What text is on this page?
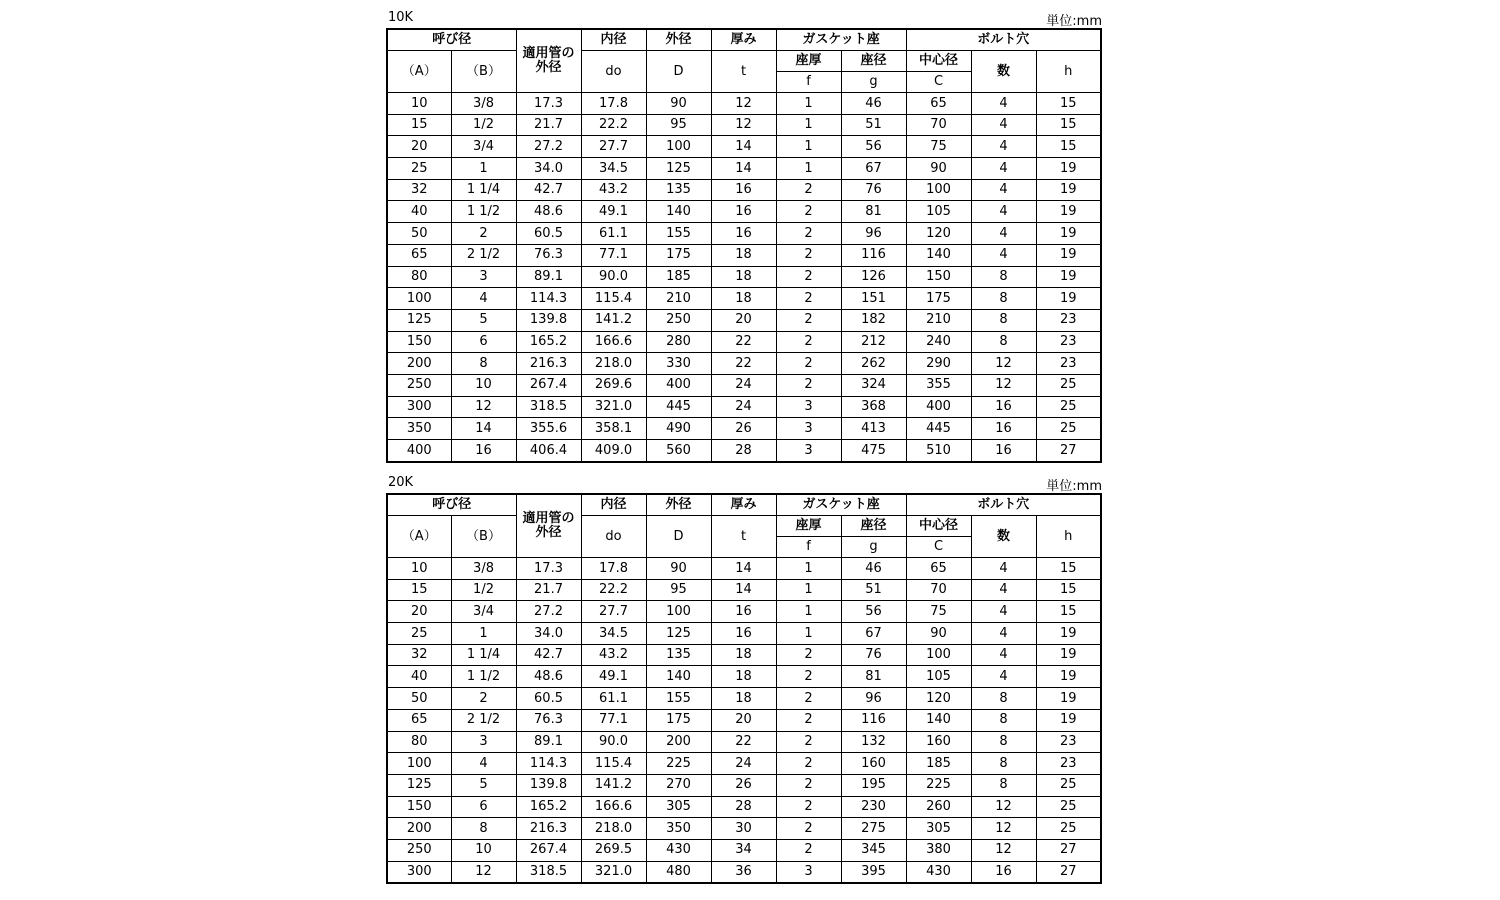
10K	単位:mm
呼び径		適用管の外径	内径	外径	厚み	ガスケット座		ボルト穴		
（A）	（B）		do	D	t	座厚	座径	中心径	数	h
						f	g	C		
10	3/8	17.3	17.8	90	12	1	46	65	4	15
15	1/2	21.7	22.2	95	12	1	51	70	4	15
20	3/4	27.2	27.7	100	14	1	56	75	4	15
25	1	34.0	34.5	125	14	1	67	90	4	19
32	1 1/4	42.7	43.2	135	16	2	76	100	4	19
40	1 1/2	48.6	49.1	140	16	2	81	105	4	19
50	2	60.5	61.1	155	16	2	96	120	4	19
65	2 1/2	76.3	77.1	175	18	2	116	140	4	19
80	3	89.1	90.0	185	18	2	126	150	8	19
100	4	114.3	115.4	210	18	2	151	175	8	19
125	5	139.8	141.2	250	20	2	182	210	8	23
150	6	165.2	166.6	280	22	2	212	240	8	23
200	8	216.3	218.0	330	22	2	262	290	12	23
250	10	267.4	269.6	400	24	2	324	355	12	25
300	12	318.5	321.0	445	24	3	368	400	16	25
350	14	355.6	358.1	490	26	3	413	445	16	25
400	16	406.4	409.0	560	28	3	475	510	16	27
20K	単位:mm
呼び径		適用管の外径	内径	外径	厚み	ガスケット座		ボルト穴		
（A）	（B）		do	D	t	座厚	座径	中心径	数	h
						f	g	C		
10	3/8	17.3	17.8	90	14	1	46	65	4	15
15	1/2	21.7	22.2	95	14	1	51	70	4	15
20	3/4	27.2	27.7	100	16	1	56	75	4	15
25	1	34.0	34.5	125	16	1	67	90	4	19
32	1 1/4	42.7	43.2	135	18	2	76	100	4	19
40	1 1/2	48.6	49.1	140	18	2	81	105	4	19
50	2	60.5	61.1	155	18	2	96	120	8	19
65	2 1/2	76.3	77.1	175	20	2	116	140	8	19
80	3	89.1	90.0	200	22	2	132	160	8	23
100	4	114.3	115.4	225	24	2	160	185	8	23
125	5	139.8	141.2	270	26	2	195	225	8	25
150	6	165.2	166.6	305	28	2	230	260	12	25
200	8	216.3	218.0	350	30	2	275	305	12	25
250	10	267.4	269.5	430	34	2	345	380	12	27
300	12	318.5	321.0	480	36	3	395	430	16	27
